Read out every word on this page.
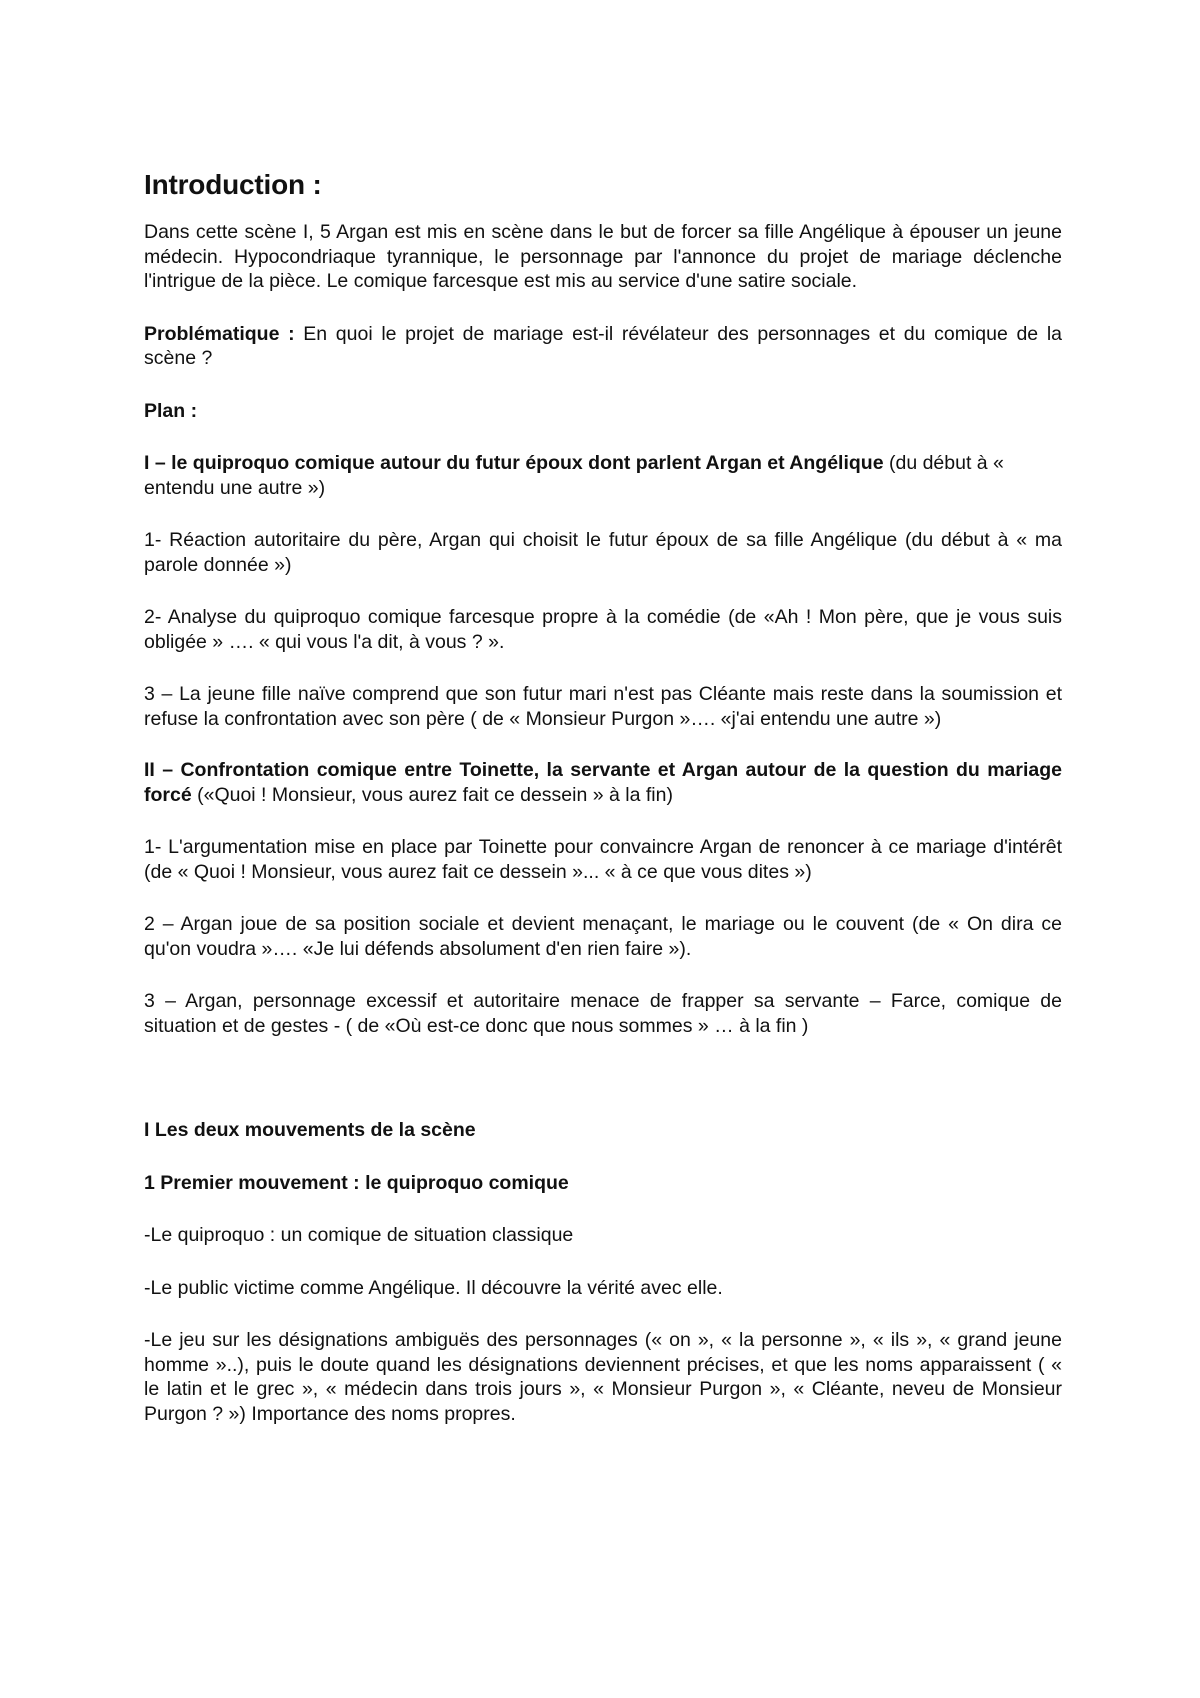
Introduction :

Dans cette scène I, 5 Argan est mis en scène dans le but de forcer sa fille Angélique à épouser un jeune médecin. Hypocondriaque tyrannique, le personnage par l'annonce du projet de mariage déclenche l'intrigue de la pièce. Le comique farcesque est mis au service d'une satire sociale.

Problématique : En quoi le projet de mariage est-il révélateur des personnages et du comique de la scène ?

Plan :

I – le quiproquo comique autour du futur époux dont parlent Argan et Angélique (du début à « entendu une autre »)

1- Réaction autoritaire du père, Argan qui choisit le futur époux de sa fille Angélique (du début à « ma parole donnée »)

2- Analyse du quiproquo comique farcesque propre à la comédie (de «Ah ! Mon père, que je vous suis obligée » …. « qui vous l'a dit, à vous ? ».

3 – La jeune fille naïve comprend que son futur mari n'est pas Cléante mais reste dans la soumission et refuse la confrontation avec son père ( de « Monsieur Purgon »…. «j'ai entendu une autre »)

II – Confrontation comique entre Toinette, la servante et Argan autour de la question du mariage forcé («Quoi ! Monsieur, vous aurez fait ce dessein » à la fin)

1- L'argumentation mise en place par Toinette pour convaincre Argan de renoncer à ce mariage d'intérêt (de « Quoi ! Monsieur, vous aurez fait ce dessein »... « à ce que vous dites »)

2 – Argan joue de sa position sociale et devient menaçant, le mariage ou le couvent (de « On dira ce qu'on voudra »…. «Je lui défends absolument d'en rien faire »).

3 – Argan, personnage excessif et autoritaire menace de frapper sa servante – Farce, comique de situation et de gestes - ( de «Où est-ce donc que nous sommes » … à la fin )

I Les deux mouvements de la scène

1 Premier mouvement : le quiproquo comique

-Le quiproquo : un comique de situation classique

-Le public victime comme Angélique. Il découvre la vérité avec elle.

-Le jeu sur les désignations ambiguës des personnages (« on », « la personne », « ils », « grand jeune homme »..), puis le doute quand les désignations deviennent précises, et que les noms apparaissent ( « le latin et le grec », « médecin dans trois jours », « Monsieur Purgon », « Cléante, neveu de Monsieur Purgon ? ») Importance des noms propres.
